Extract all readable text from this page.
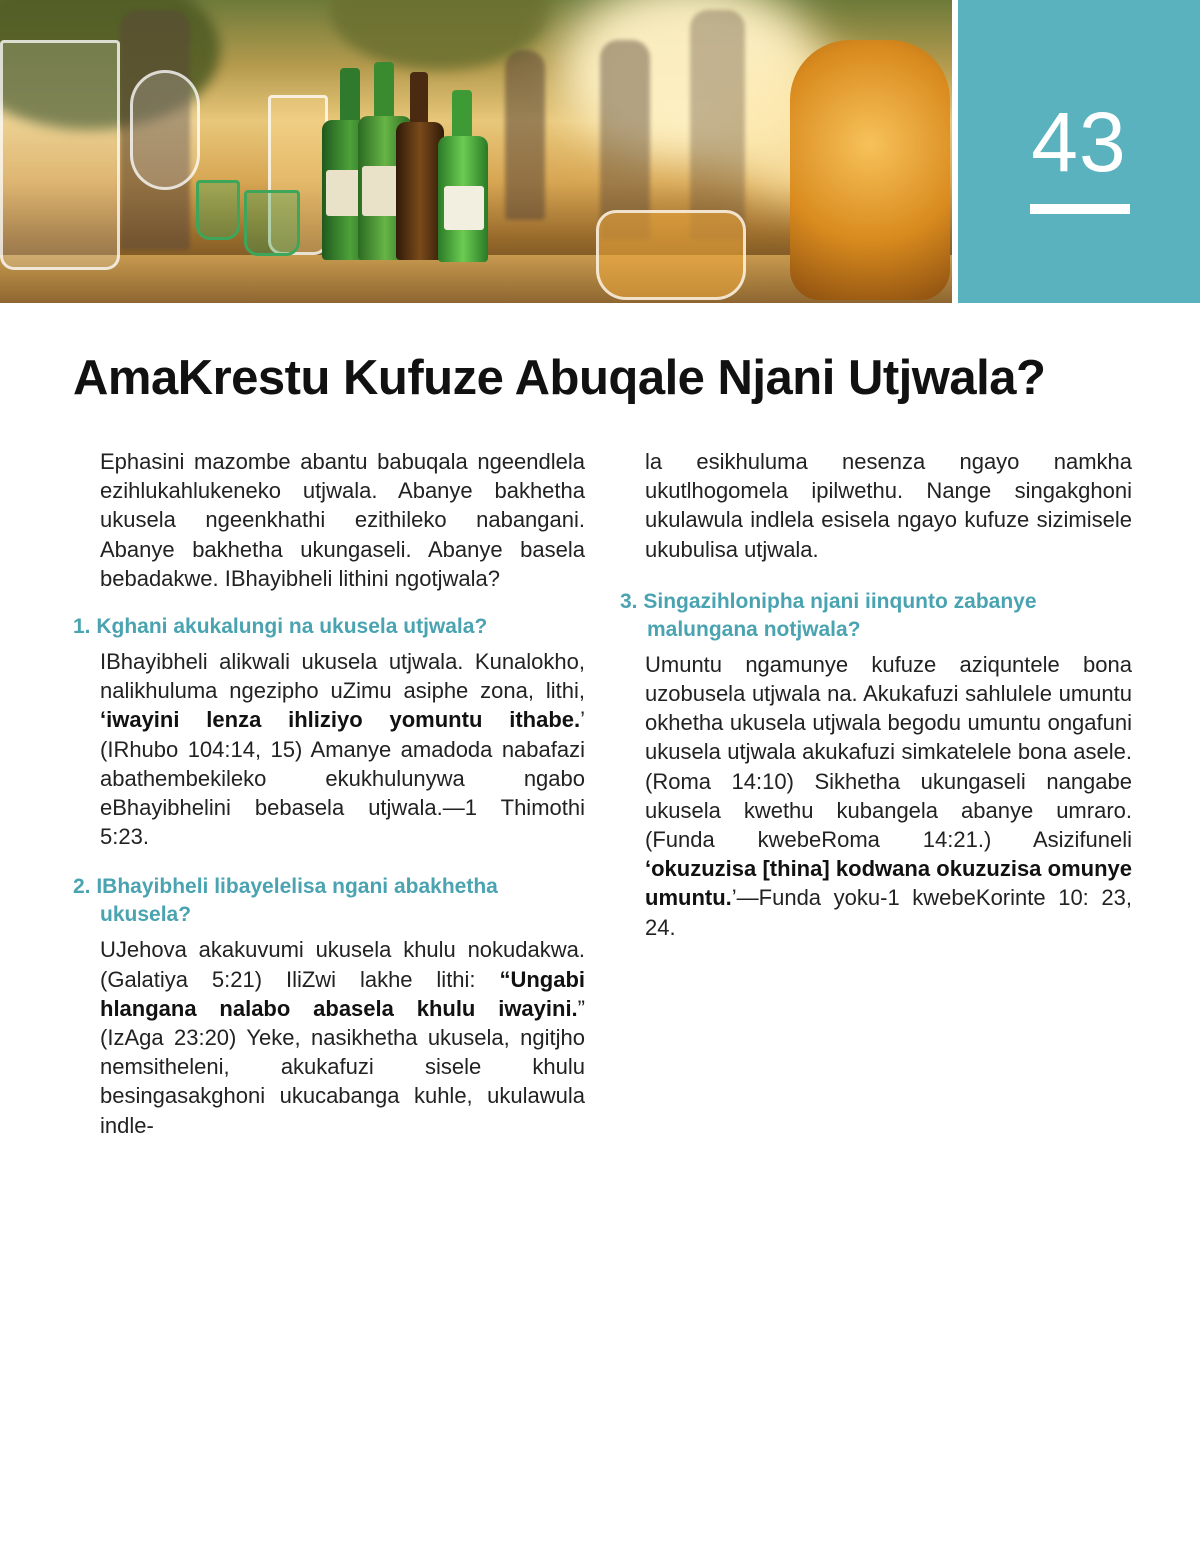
43
AmaKrestu Kufuze Abuqale Njani Utjwala?

Ephasini mazombe abantu babuqala ngeendlela ezihlukahlukeneko utjwala. Abanye bakhetha ukusela ngeenkhathi ezithileko nabangani. Abanye bakhetha ukungaseli. Abanye basela bebadakwe. IBhayibheli lithini ngotjwala?

1. Kghani akukalungi na ukusela utjwala?

IBhayibheli alikwali ukusela utjwala. Kunalokho, nalikhuluma ngezipho uZimu asiphe zona, lithi, ‘iwayini lenza ihliziyo yomuntu ithabe.’ (IRhubo 104:14, 15) Amanye amadoda nabafazi abathembekileko ekukhulunywa ngabo eBhayibhelini bebasela utjwala.—1 Thimothi 5:23.

2. IBhayibheli libayelelisa ngani abakhetha ukusela?

UJehova akakuvumi ukusela khulu nokudakwa. (Galatiya 5:21) IliZwi lakhe lithi: “Ungabi hlangana nalabo abasela khulu iwayini.” (IzAga 23:20) Yeke, nasikhetha ukusela, ngitjho nemsitheleni, akukafuzi sisele khulu besingasakghoni ukucabanga kuhle, ukulawula indle-

la esikhuluma nesenza ngayo namkha ukutlhogomela ipilwethu. Nange singakghoni ukulawula indlela esisela ngayo kufuze sizimisele ukubulisa utjwala.

3. Singazihlonipha njani iinqunto zabanye malungana notjwala?

Umuntu ngamunye kufuze aziquntele bona uzobusela utjwala na. Akukafuzi sahlulele umuntu okhetha ukusela utjwala begodu umuntu ongafuni ukusela utjwala akukafuzi simkatelele bona asele. (Roma 14:10) Sikhetha ukungaseli nangabe ukusela kwethu kubangela abanye umraro. (Funda kwebeRoma 14:21.) Asizifuneli ‘okuzuzisa [thina] kodwana okuzuzisa omunye umuntu.’—Funda yoku-1 kwebeKorinte 10: 23, 24.
